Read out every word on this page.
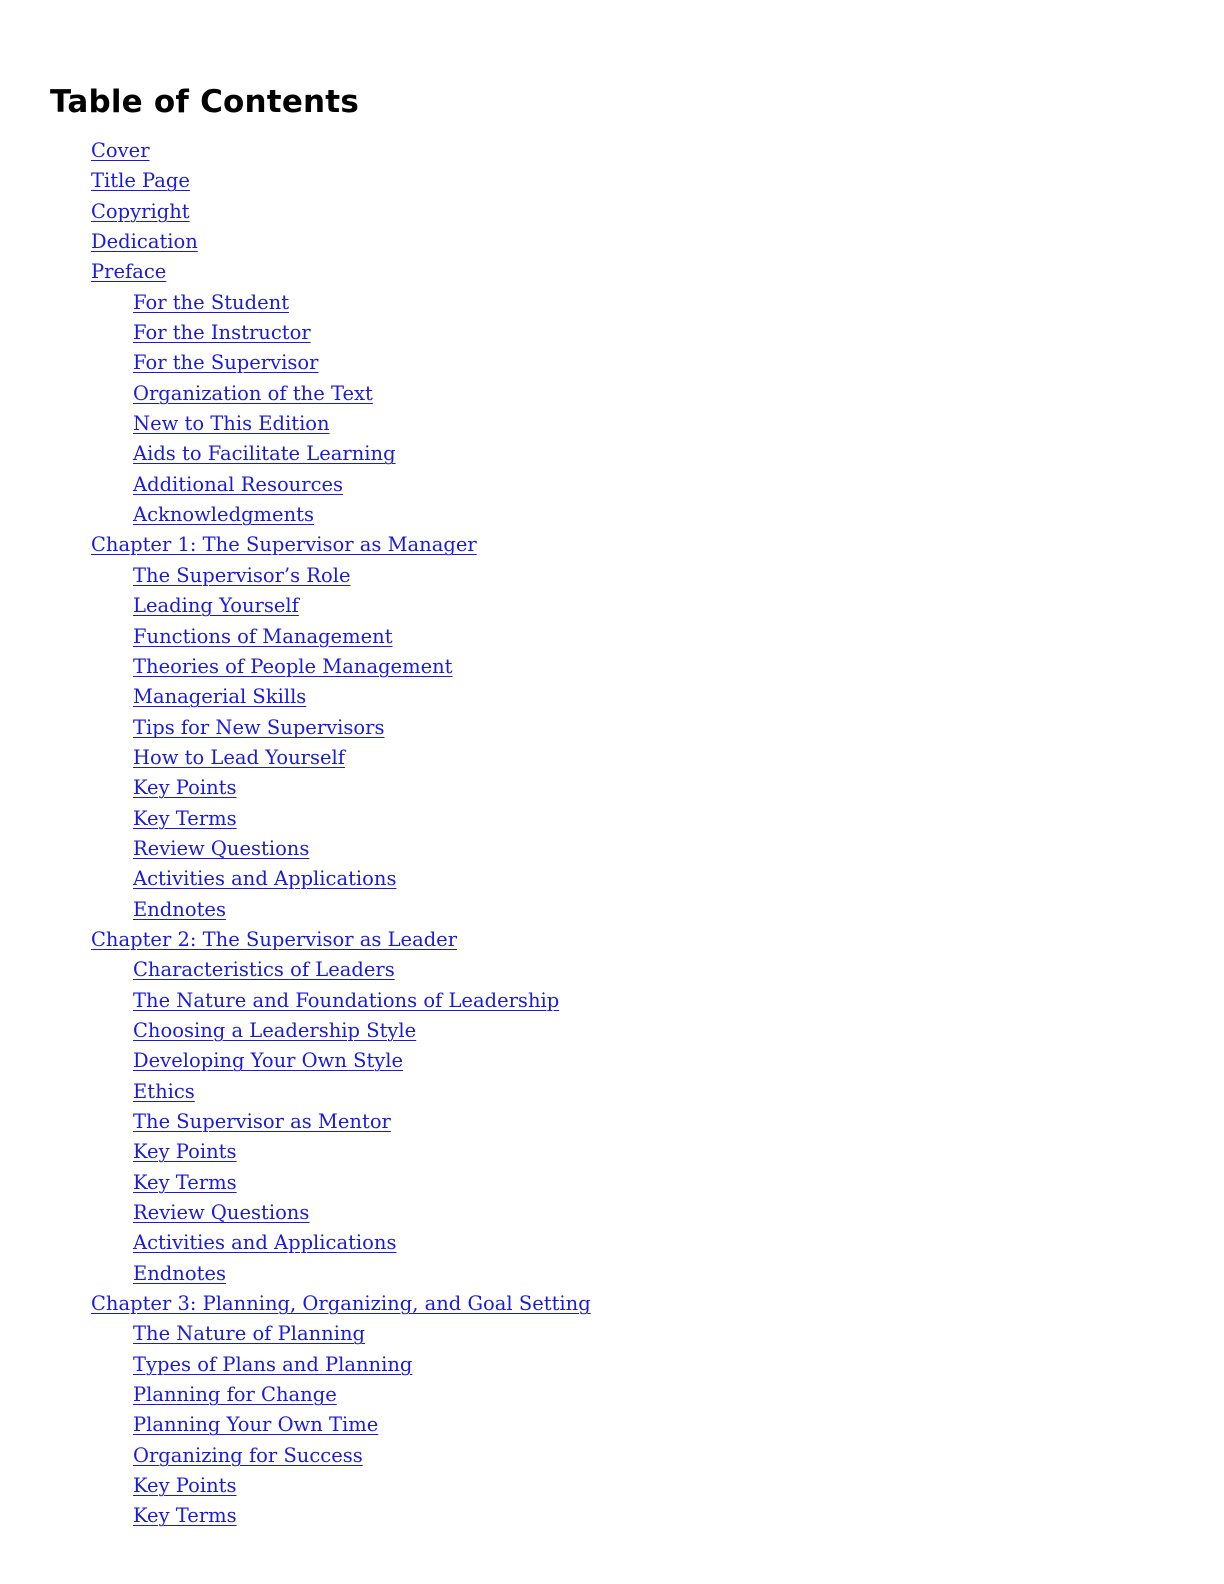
Table of Contents
Cover
Title Page
Copyright
Dedication
Preface
For the Student
For the Instructor
For the Supervisor
Organization of the Text
New to This Edition
Aids to Facilitate Learning
Additional Resources
Acknowledgments
Chapter 1: The Supervisor as Manager
The Supervisor’s Role
Leading Yourself
Functions of Management
Theories of People Management
Managerial Skills
Tips for New Supervisors
How to Lead Yourself
Key Points
Key Terms
Review Questions
Activities and Applications
Endnotes
Chapter 2: The Supervisor as Leader
Characteristics of Leaders
The Nature and Foundations of Leadership
Choosing a Leadership Style
Developing Your Own Style
Ethics
The Supervisor as Mentor
Key Points
Key Terms
Review Questions
Activities and Applications
Endnotes
Chapter 3: Planning, Organizing, and Goal Setting
The Nature of Planning
Types of Plans and Planning
Planning for Change
Planning Your Own Time
Organizing for Success
Key Points
Key Terms
